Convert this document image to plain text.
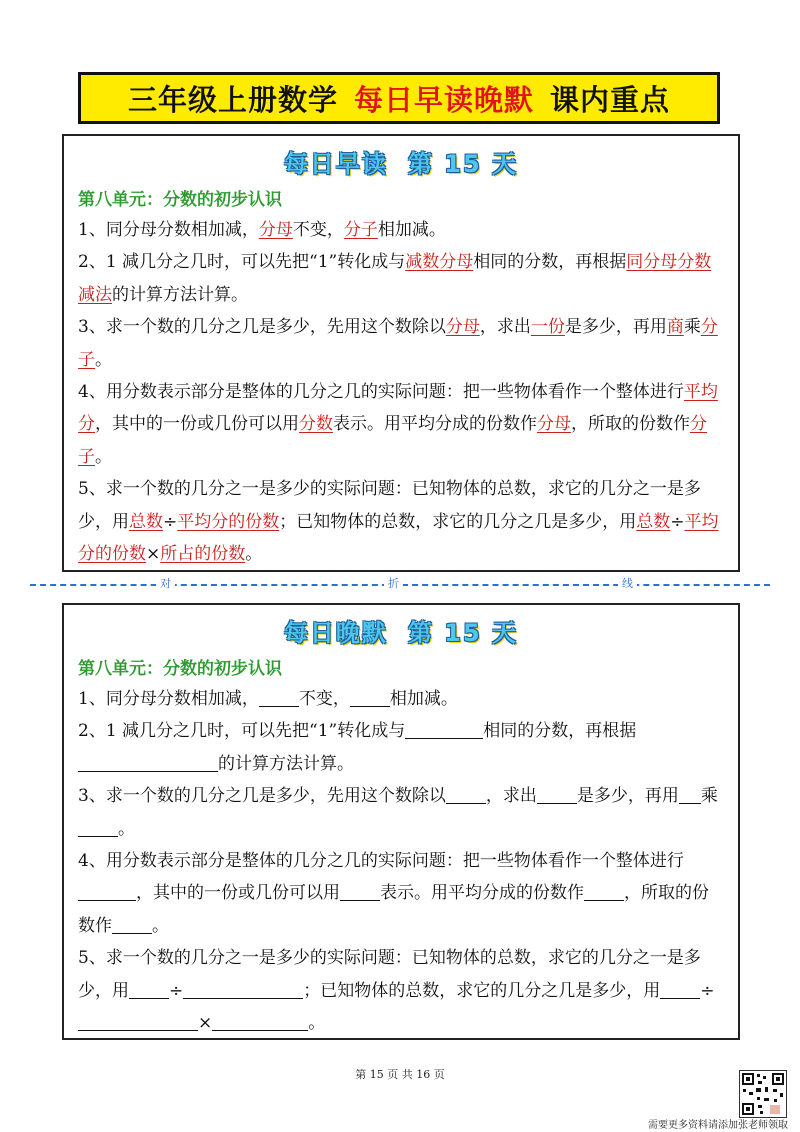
三年级上册数学 每日早读晚默 课内重点
每日早读 第 15 天
第八单元：分数的初步认识

1、同分母分数相加减，分母不变，分子相加减。

2、1 减几分之几时，可以先把“1”转化成与减数分母相同的分数，再根据同分母分数减法的计算方法计算。

3、求一个数的几分之几是多少，先用这个数除以分母，求出一份是多少，再用商乘分子。

4、用分数表示部分是整体的几分之几的实际问题：把一些物体看作一个整体进行平均分，其中的一份或几份可以用分数表示。用平均分成的份数作分母，所取的份数作分子。

5、求一个数的几分之一是多少的实际问题：已知物体的总数，求它的几分之一是多少，用总数÷平均分的份数；已知物体的总数，求它的几分之几是多少，用总数÷平均分的份数×所占的份数。

对	折	线
每日晚默 第 15 天
第八单元：分数的初步认识

1、同分母分数相加减， 不变， 相加减。

2、1 减几分之几时，可以先把“1”转化成与	相同的分数，再根据的计算方法计算。

3、求一个数的几分之几是多少，先用这个数除以 ，求出 是多少，再用 乘。

4、用分数表示部分是整体的几分之几的实际问题：把一些物体看作一个整体进行，其中的一份或几份可以用 表示。用平均分成的份数作 ，所取的份数作 。

5、求一个数的几分之一是多少的实际问题：已知物体的总数，求它的几分之一是多少，用 ÷	；已知物体的总数，求它的几分之几是多少，用 ÷×	。

第 15 页 共 16 页
需要更多资料请添加张老师领取
